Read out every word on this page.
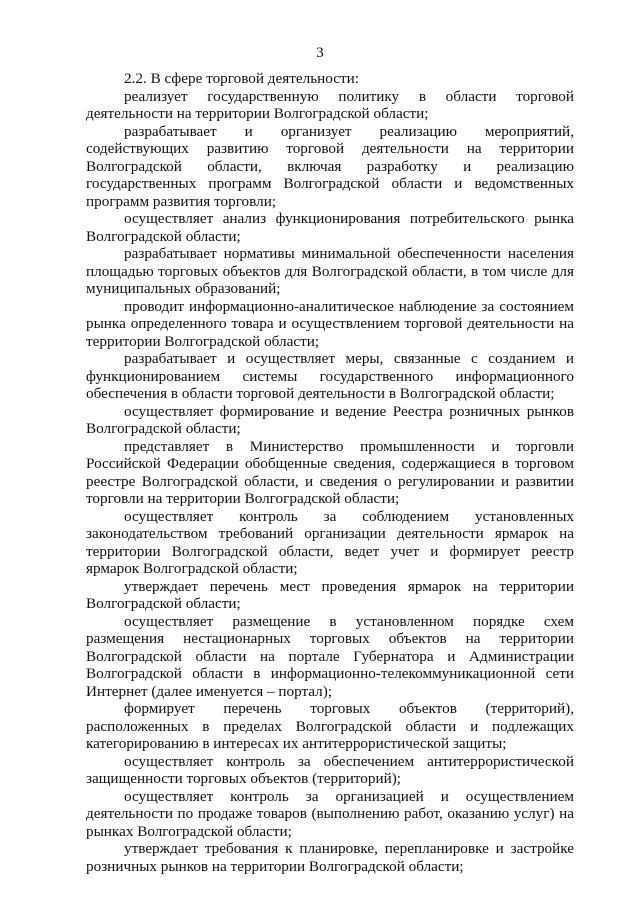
3

2.2. В сфере торговой деятельности:

реализует государственную политику в области торговой деятельности на территории Волгоградской области;

разрабатывает и организует реализацию мероприятий, содействующих развитию торговой деятельности на территории Волгоградской области, включая разработку и реализацию государственных программ Волгоградской области и ведомственных программ развития торговли;

осуществляет анализ функционирования потребительского рынка Волгоградской области;

разрабатывает нормативы минимальной обеспеченности населения площадью торговых объектов для Волгоградской области, в том числе для муниципальных образований;

проводит информационно-аналитическое наблюдение за состоянием рынка определенного товара и осуществлением торговой деятельности на территории Волгоградской области;

разрабатывает и осуществляет меры, связанные с созданием и функционированием системы государственного информационного обеспечения в области торговой деятельности в Волгоградской области;

осуществляет формирование и ведение Реестра розничных рынков Волгоградской области;

представляет в Министерство промышленности и торговли Российской Федерации обобщенные сведения, содержащиеся в торговом реестре Волгоградской области, и сведения о регулировании и развитии торговли на территории Волгоградской области;

осуществляет контроль за соблюдением установленных законодательством требований организации деятельности ярмарок на территории Волгоградской области, ведет учет и формирует реестр ярмарок Волгоградской области;

утверждает перечень мест проведения ярмарок на территории Волгоградской области;

осуществляет размещение в установленном порядке схем размещения нестационарных торговых объектов на территории Волгоградской области на портале Губернатора и Администрации Волгоградской области в информационно-телекоммуникационной сети Интернет (далее именуется – портал);

формирует перечень торговых объектов (территорий), расположенных в пределах Волгоградской области и подлежащих категорированию в интересах их антитеррористической защиты;

осуществляет контроль за обеспечением антитеррористической защищенности торговых объектов (территорий);

осуществляет контроль за организацией и осуществлением деятельности по продаже товаров (выполнению работ, оказанию услуг) на рынках Волгоградской области;

утверждает требования к планировке, перепланировке и застройке розничных рынков на территории Волгоградской области;
